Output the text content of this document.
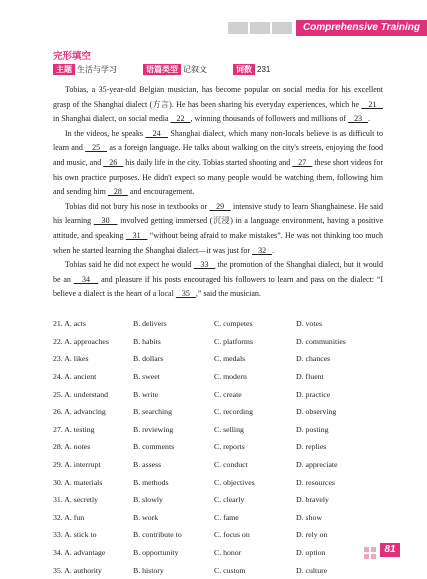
Comprehensive Training
完形填空
主题 生活与学习	语篇类型 记叙文	词数 231

Tobias, a 35-year-old Belgian musician, has become popular on social media for his excellent grasp of the Shanghai dialect (方言). He has been sharing his everyday experiences, which he    21    in Shanghai dialect, on social media    22   , winning thousands of followers and millions of    23   .

In the videos, he speaks    24    Shanghai dialect, which many non-locals believe is as difficult to learn and    25    as a foreign language. He talks about walking on the city's streets, enjoying the food and music, and    26    his daily life in the city. Tobias started shooting and    27    these short videos for his own practice purposes. He didn't expect so many people would be watching them, following him and sending him    28    and encouragement.

Tobias did not bury his nose in textbooks or    29    intensive study to learn Shanghainese. He said his learning    30    involved getting immersed (沉浸) in a language environment, having a positive attitude, and speaking    31    “without being afraid to make mistakes”. He was not thinking too much when he started learning the Shanghai dialect—it was just for    32   .

Tobias said he did not expect he would    33    the promotion of the Shanghai dialect, but it would be an    34    and pleasure if his posts encouraged his followers to learn and pass on the dialect: “I believe a dialect is the heart of a local    35   ,” said the musician.

21. A. acts	B. delivers	C. competes	D. votes
22. A. approaches	B. habits	C. platforms	D. communities
23. A. likes	B. dollars	C. medals	D. chances
24. A. ancient	B. sweet	C. modern	D. fluent
25. A. understand	B. write	C. create	D. practice
26. A. advancing	B. searching	C. recording	D. observing
27. A. testing	B. reviewing	C. selling	D. posting
28. A. notes	B. comments	C. reports	D. replies
29. A. interrupt	B. assess	C. conduct	D. appreciate
30. A. materials	B. methods	C. objectives	D. resources
31. A. secretly	B. slowly	C. clearly	D. bravely
32. A. fun	B. work	C. fame	D. show
33. A. stick to	B. contribute to	C. focus on	D. rely on
34. A. advantage	B. opportunity	C. honor	D. option
35. A. authority	B. history	C. custom	D. culture
81
